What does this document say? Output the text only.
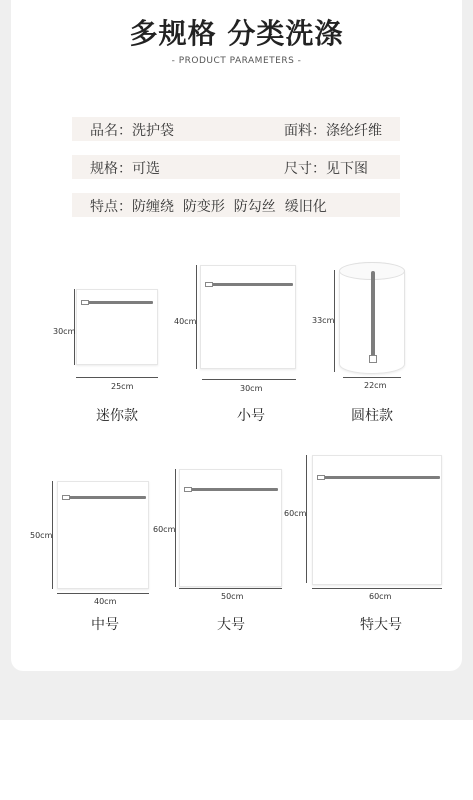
多规格 分类洗涤
- PRODUCT PARAMETERS -
品名：洗护袋	面料：涤纶纤维
规格：可选	尺寸：见下图
特点：防缠绕  防变形  防勾丝  缓旧化
30cm
25cm
迷你款
40cm
30cm
小号
33cm
22cm
圆柱款
50cm
40cm
中号
60cm
50cm
大号
60cm
60cm
特大号
